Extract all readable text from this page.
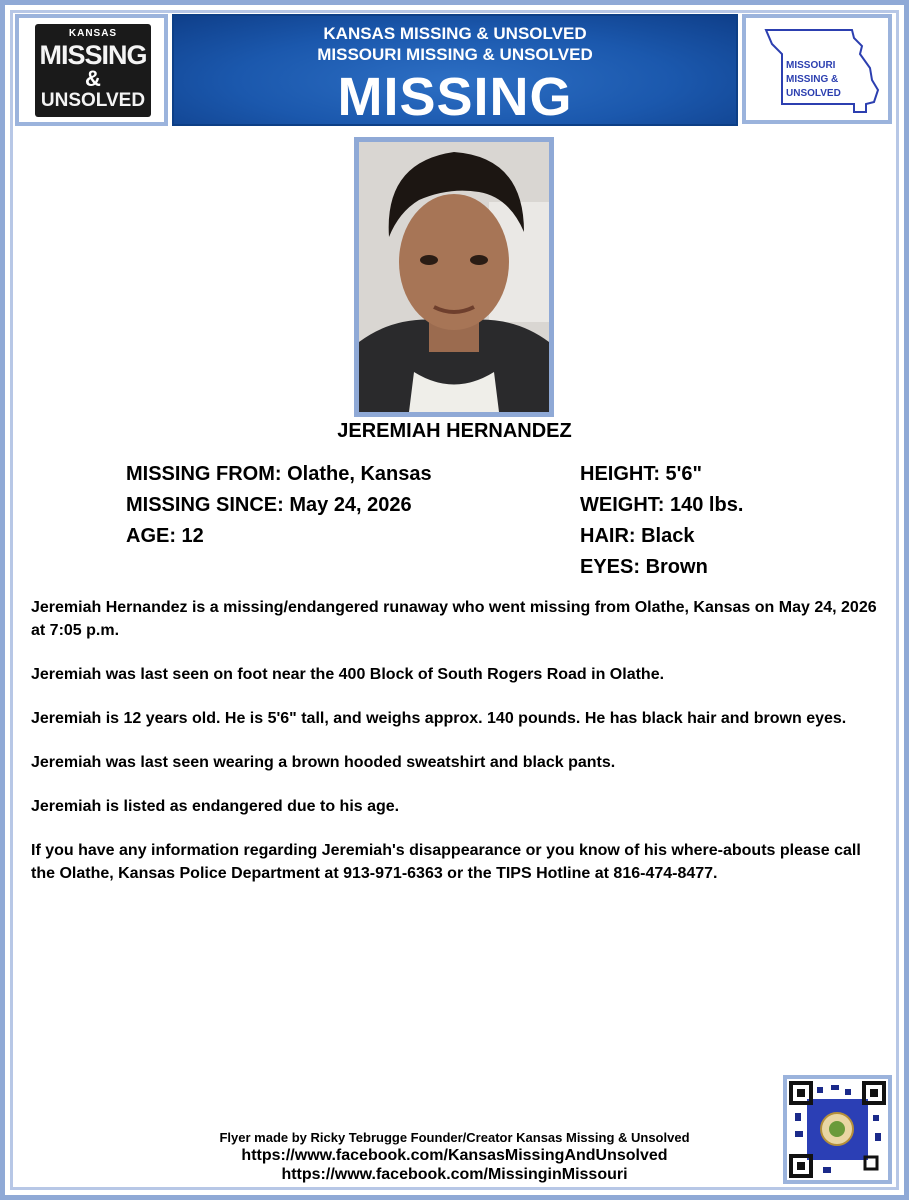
KANSAS
MISSING
&
UNSOLVED
KANSAS MISSING & UNSOLVED
MISSOURI MISSING & UNSOLVED
MISSING
MISSOURI
MISSING &
UNSOLVED
JEREMIAH HERNANDEZ
MISSING FROM: Olathe, Kansas
MISSING SINCE: May 24, 2026
AGE: 12
HEIGHT: 5'6"
WEIGHT: 140 lbs.
HAIR: Black
EYES: Brown

Jeremiah Hernandez is a missing/endangered runaway who went missing from Olathe, Kansas on May 24, 2026 at 7:05 p.m.

Jeremiah was last seen on foot near the 400 Block of South Rogers Road in Olathe.

Jeremiah is 12 years old. He is 5'6" tall, and weighs approx. 140 pounds. He has black hair and brown eyes.

Jeremiah was last seen wearing a brown hooded sweatshirt and black pants.

Jeremiah is listed as endangered due to his age.

If you have any information regarding Jeremiah's disappearance or you know of his where-abouts please call the Olathe, Kansas Police Department at 913-971-6363 or the TIPS Hotline at 816-474-8477.

Flyer made by Ricky Tebrugge Founder/Creator Kansas Missing & Unsolved
https://www.facebook.com/KansasMissingAndUnsolved
https://www.facebook.com/MissinginMissouri
